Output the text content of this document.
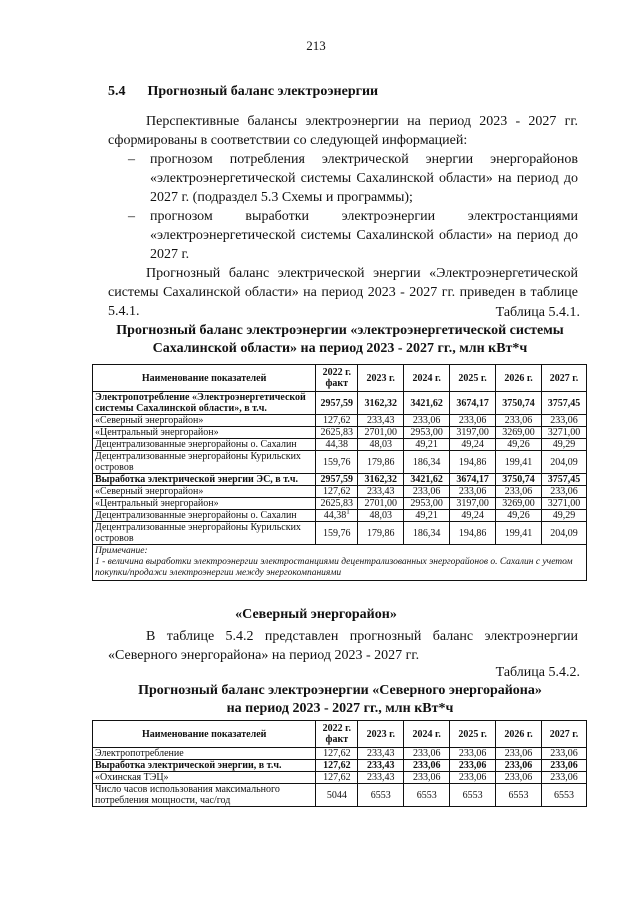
213
5.4 Прогнозный баланс электроэнергии
Перспективные балансы электроэнергии на период 2023 - 2027 гг. сформированы в соответствии со следующей информацией:
– прогнозом потребления электрической энергии энергорайонов «электроэнергетической системы Сахалинской области» на период до 2027 г. (подраздел 5.3 Схемы и программы);
– прогнозом выработки электроэнергии электростанциями «электроэнергетической системы Сахалинской области» на период до 2027 г.
Прогнозный баланс электрической энергии «Электроэнергетической системы Сахалинской области» на период 2023 - 2027 гг. приведен в таблице 5.4.1.	Таблица 5.4.1.
Прогнозный баланс электроэнергии «электроэнергетической системы
Сахалинской области» на период 2023 - 2027 гг., млн кВт*ч
Наименование показателей	2022 г. факт	2023 г.	2024 г.	2025 г.	2026 г.	2027 г.
Электропотребление «Электроэнергетической системы Сахалинской области», в т.ч.	2957,59	3162,32	3421,62	3674,17	3750,74	3757,45
«Северный энергорайон»	127,62	233,43	233,06	233,06	233,06	233,06
«Центральный энергорайон»	2625,83	2701,00	2953,00	3197,00	3269,00	3271,00
Децентрализованные энергорайоны о. Сахалин	44,38	48,03	49,21	49,24	49,26	49,29
Децентрализованные энергорайоны Курильских островов	159,76	179,86	186,34	194,86	199,41	204,09
Выработка электрической энергии ЭС, в т.ч.	2957,59	3162,32	3421,62	3674,17	3750,74	3757,45
«Северный энергорайон»	127,62	233,43	233,06	233,06	233,06	233,06
«Центральный энергорайон»	2625,83	2701,00	2953,00	3197,00	3269,00	3271,00
Децентрализованные энергорайоны о. Сахалин	44,38$^1$	48,03	49,21	49,24	49,26	49,29
Децентрализованные энергорайоны Курильских островов	159,76	179,86	186,34	194,86	199,41	204,09

Примечание:
1 - величина выработки электроэнергии электростанциями децентрализованных энергорайонов о. Сахалин с учетом покупки/продажи электроэнергии между энергокомпаниями						
«Северный энергорайон»
В таблице 5.4.2 представлен прогнозный баланс электроэнергии «Северного энергорайона» на период 2023 - 2027 гг.
Таблица 5.4.2.
Прогнозный баланс электроэнергии «Северного энергорайона»
на период 2023 - 2027 гг., млн кВт*ч
Наименование показателей	2022 г. факт	2023 г.	2024 г.	2025 г.	2026 г.	2027 г.
Электропотребление	127,62	233,43	233,06	233,06	233,06	233,06
Выработка электрической энергии, в т.ч.	127,62	233,43	233,06	233,06	233,06	233,06
«Охинская ТЭЦ»	127,62	233,43	233,06	233,06	233,06	233,06
Число часов использования максимального потребления мощности, час/год	5044	6553	6553	6553	6553	6553
